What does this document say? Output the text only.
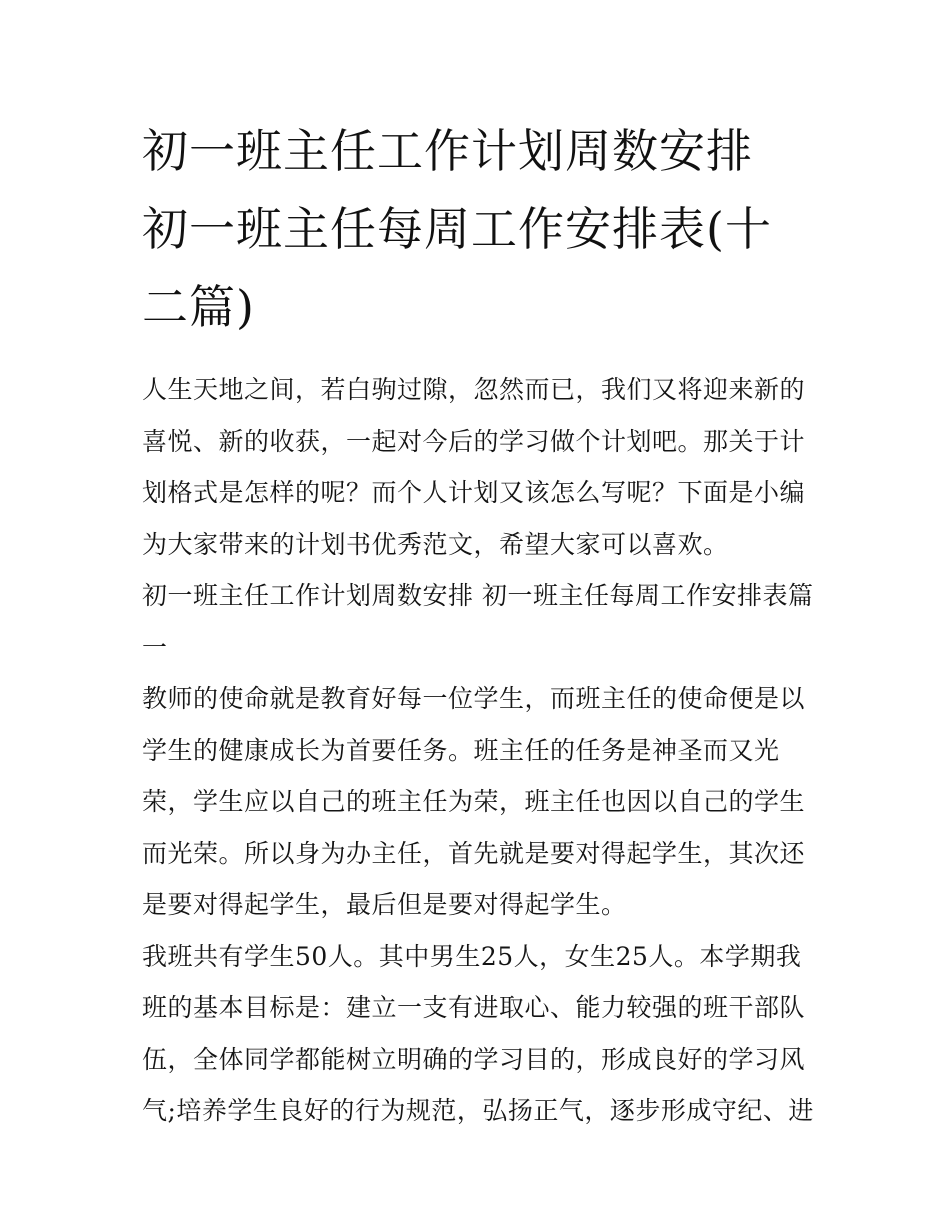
初一班主任工作计划周数安排 初一班主任每周工作安排表(十二篇)

人生天地之间，若白驹过隙，忽然而已，我们又将迎来新的喜悦、新的收获，一起对今后的学习做个计划吧。那关于计划格式是怎样的呢？而个人计划又该怎么写呢？下面是小编为大家带来的计划书优秀范文，希望大家可以喜欢。

初一班主任工作计划周数安排 初一班主任每周工作安排表篇

一

教师的使命就是教育好每一位学生，而班主任的使命便是以学生的健康成长为首要任务。班主任的任务是神圣而又光荣，学生应以自己的班主任为荣，班主任也因以自己的学生而光荣。所以身为办主任，首先就是要对得起学生，其次还是要对得起学生，最后但是要对得起学生。

我班共有学生50人。其中男生25人，女生25人。本学期我班的基本目标是：建立一支有进取心、能力较强的班干部队伍，全体同学都能树立明确的学习目的，形成良好的学习风气;培养学生良好的行为规范，弘扬正气，逐步形成守纪、进
